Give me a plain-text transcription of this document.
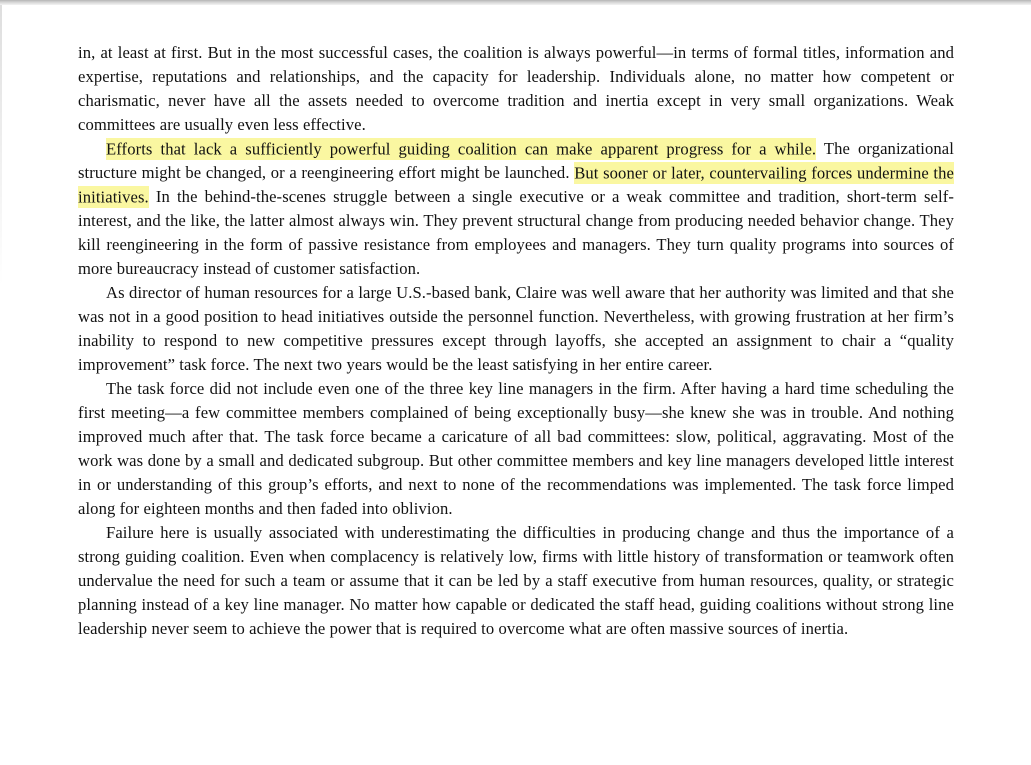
in, at least at first. But in the most successful cases, the coalition is always powerful—in terms of formal titles, information and expertise, reputations and relationships, and the capacity for leadership. Individuals alone, no matter how competent or charismatic, never have all the assets needed to overcome tradition and inertia except in very small organizations. Weak committees are usually even less effective.

Efforts that lack a sufficiently powerful guiding coalition can make apparent progress for a while. The organizational structure might be changed, or a reengineering effort might be launched. But sooner or later, countervailing forces undermine the initiatives. In the behind-the-scenes struggle between a single executive or a weak committee and tradition, short-term self-interest, and the like, the latter almost always win. They prevent structural change from producing needed behavior change. They kill reengineering in the form of passive resistance from employees and managers. They turn quality programs into sources of more bureaucracy instead of customer satisfaction.

As director of human resources for a large U.S.-based bank, Claire was well aware that her authority was limited and that she was not in a good position to head initiatives outside the personnel function. Nevertheless, with growing frustration at her firm’s inability to respond to new competitive pressures except through layoffs, she accepted an assignment to chair a “quality improvement” task force. The next two years would be the least satisfying in her entire career.

The task force did not include even one of the three key line managers in the firm. After having a hard time scheduling the first meeting—a few committee members complained of being exceptionally busy—she knew she was in trouble. And nothing improved much after that. The task force became a caricature of all bad committees: slow, political, aggravating. Most of the work was done by a small and dedicated subgroup. But other committee members and key line managers developed little interest in or understanding of this group’s efforts, and next to none of the recommendations was implemented. The task force limped along for eighteen months and then faded into oblivion.

Failure here is usually associated with underestimating the difficulties in producing change and thus the importance of a strong guiding coalition. Even when complacency is relatively low, firms with little history of transformation or teamwork often undervalue the need for such a team or assume that it can be led by a staff executive from human resources, quality, or strategic planning instead of a key line manager. No matter how capable or dedicated the staff head, guiding coalitions without strong line leadership never seem to achieve the power that is required to overcome what are often massive sources of inertia.
